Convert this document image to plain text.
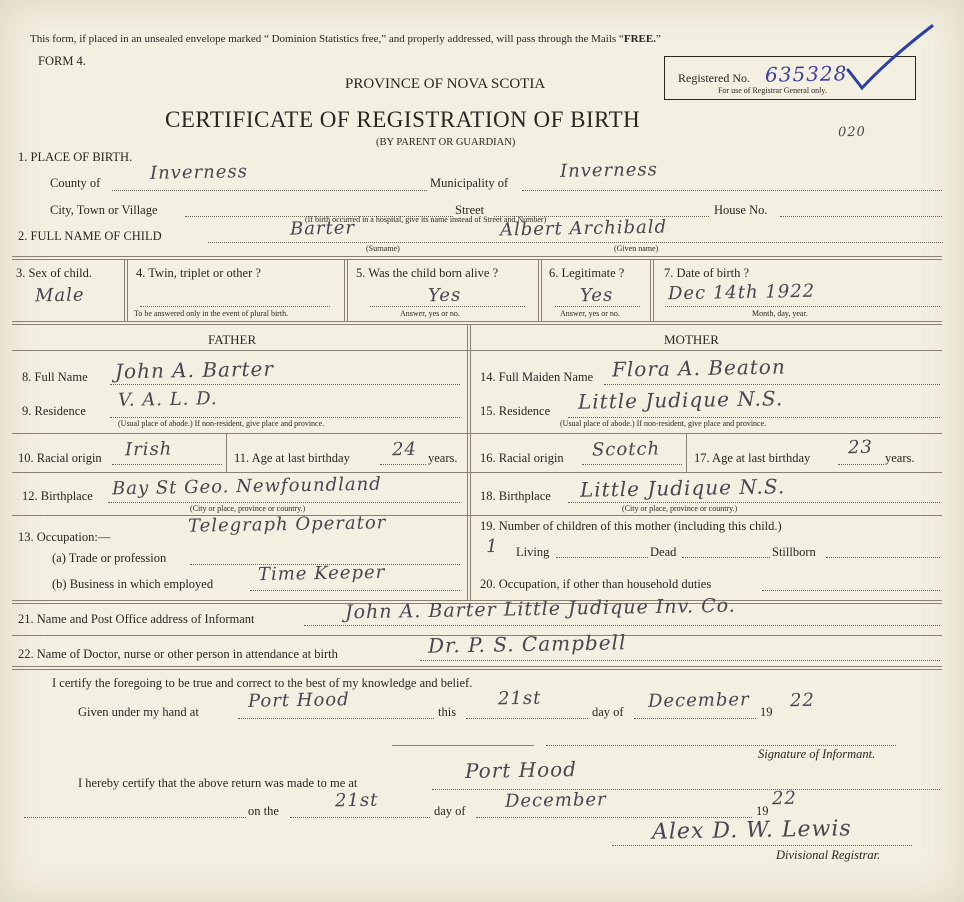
This form, if placed in an unsealed envelope marked “ Dominion Statistics free,” and properly addressed, will pass through the Mails “FREE.”
FORM 4.
PROVINCE OF NOVA SCOTIA
CERTIFICATE OF REGISTRATION OF BIRTH
(BY PARENT OR GUARDIAN)
Registered No. 635328
For use of Registrar General only.
020
1. PLACE OF BIRTH.
County of	Inverness	Municipality of
Inverness
City, Town or Village	Street	House No.
(If birth occurred in a hospital, give its name instead of Street and Number)
2. FULL NAME OF CHILD	Barter	Albert Archibald
(Surname)	(Given name)
3. Sex of child.
Male
4. Twin, triplet or other ?
To be answered only in the event of plural birth.
5. Was the child born alive ?
Yes
Answer, yes or no.
6. Legitimate ?
Yes
Answer, yes or no.
7. Date of birth ?
Dec 14th 1922
Month, day, year.
FATHER	MOTHER
8. Full Name John A. Barter
9. Residence
V. A. L. D.
(Usual place of abode.) If non-resident, give place and province.
10. Racial origin Irish	11. Age at last birthday 24 years.
12. Birthplace Bay St Geo. Newfoundland
(City or place, province or country.)
13. Occupation:—
Telegraph Operator
(a) Trade or profession
(b) Business in which employed Time Keeper
14. Full Maiden Name Flora A. Beaton
15. Residence Little Judique N.S.
(Usual place of abode.) If non-resident, give place and province.
16. Racial origin Scotch	17. Age at last birthday 23 years.
18. Birthplace Little Judique N.S.
(City or place, province or country.)
19. Number of children of this mother (including this child.)
1 Living	Dead	Stillborn
20. Occupation, if other than household duties
21. Name and Post Office address of Informant	John A. Barter Little Judique Inv. Co.
22. Name of Doctor, nurse or other person in attendance at birth	Dr. P. S. Campbell
I certify the foregoing to be true and correct to the best of my knowledge and belief.
Given under my hand at
Port Hood
this
21st
day of
December
19
22
Signature of Informant.
I hereby certify that the above return was made to me at
Port Hood
on the	21st	day of December	19
22
Alex D. W. Lewis
Divisional Registrar.
